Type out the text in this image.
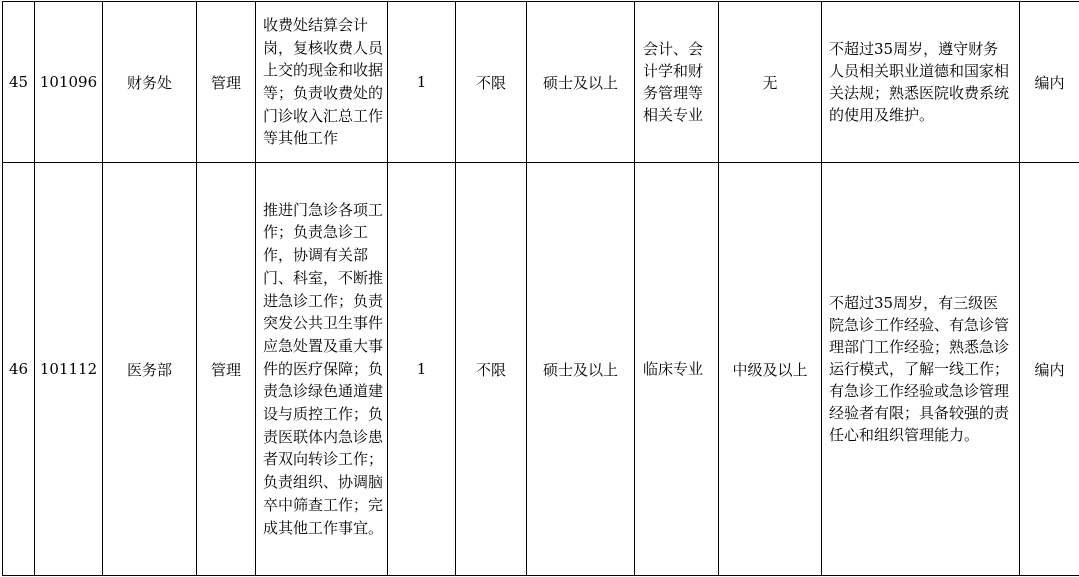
45	101096	财务处	管理	收费处结算会计岗，复核收费人员上交的现金和收据等；负责收费处的门诊收入汇总工作等其他工作	1	不限	硕士及以上	会计、会计学和财务管理等相关专业	无	不超过35周岁，遵守财务人员相关职业道德和国家相关法规；熟悉医院收费系统的使用及维护。	编内
46	101112	医务部	管理	推进门急诊各项工作；负责急诊工作，协调有关部门、科室，不断推进急诊工作；负责突发公共卫生事件应急处置及重大事件的医疗保障；负责急诊绿色通道建设与质控工作；负责医联体内急诊患者双向转诊工作；负责组织、协调脑卒中筛查工作；完成其他工作事宜。	1	不限	硕士及以上	临床专业	中级及以上	不超过35周岁，有三级医院急诊工作经验、有急诊管理部门工作经验；熟悉急诊运行模式，了解一线工作；有急诊工作经验或急诊管理经验者有限；具备较强的责任心和组织管理能力。	编内
